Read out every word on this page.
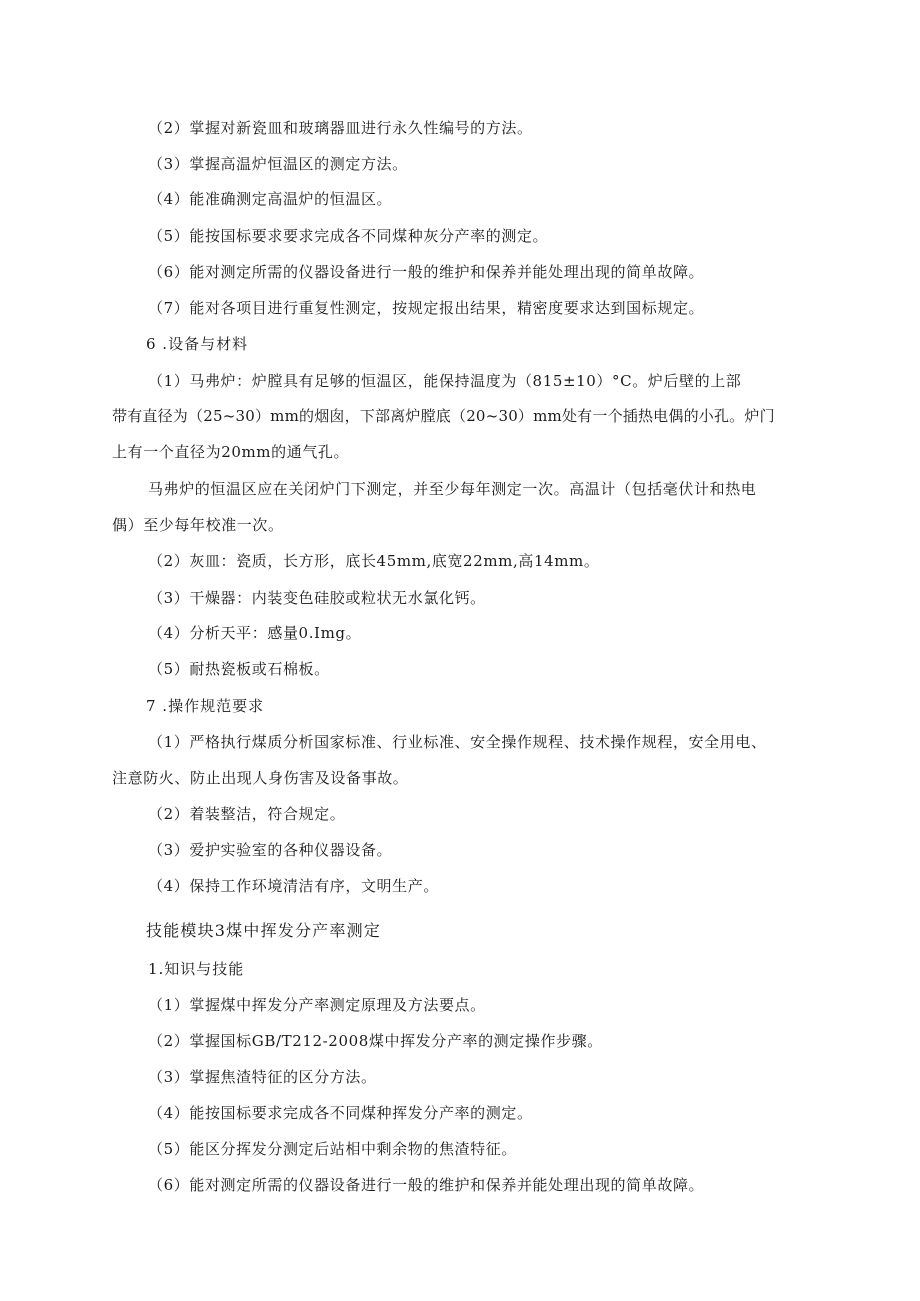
（2）掌握对新瓷皿和玻璃器皿进行永久性编号的方法。
（3）掌握高温炉恒温区的测定方法。
（4）能准确测定高温炉的恒温区。
（5）能按国标要求要求完成各不同煤种灰分产率的测定。
（6）能对测定所需的仪器设备进行一般的维护和保养并能处理出现的简单故障。
（7）能对各项目进行重复性测定，按规定报出结果，精密度要求达到国标规定。
6 .设备与材料
（1）马弗炉：炉膛具有足够的恒温区，能保持温度为（815±10）°C。炉后壁的上部
带有直径为（25~30）mm的烟囱，下部离炉膛底（20~30）mm处有一个插热电偶的小孔。炉门
上有一个直径为20mm的通气孔。
马弗炉的恒温区应在关闭炉门下测定，并至少每年测定一次。高温计（包括毫伏计和热电
偶）至少每年校准一次。
（2）灰皿：瓷质，长方形，底长45mm,底宽22mm,高14mm。
（3）干燥器：内装变色硅胶或粒状无水氯化钙。
（4）分析天平：感量0.Img。
（5）耐热瓷板或石棉板。
7 .操作规范要求
（1）严格执行煤质分析国家标准、行业标准、安全操作规程、技术操作规程，安全用电、
注意防火、防止出现人身伤害及设备事故。
（2）着装整洁，符合规定。
（3）爱护实验室的各种仪器设备。
（4）保持工作环境清洁有序，文明生产。
技能模块3煤中挥发分产率测定
1.知识与技能
（1）掌握煤中挥发分产率测定原理及方法要点。
（2）掌握国标GB/T212-2008煤中挥发分产率的测定操作步骤。
（3）掌握焦渣特征的区分方法。
（4）能按国标要求完成各不同煤种挥发分产率的测定。
（5）能区分挥发分测定后站相中剩余物的焦渣特征。
（6）能对测定所需的仪器设备进行一般的维护和保养并能处理出现的简单故障。
